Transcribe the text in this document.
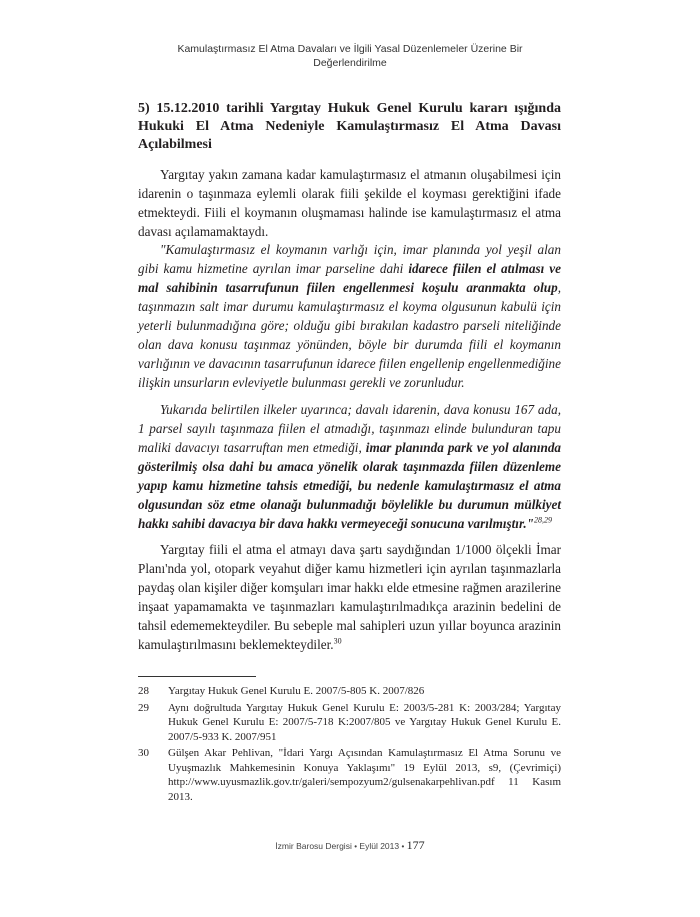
Kamulaştırmasız El Atma Davaları ve İlgili Yasal Düzenlemeler Üzerine Bir Değerlendirilme
5) 15.12.2010 tarihli Yargıtay Hukuk Genel Kurulu kararı ışığında Hukuki El Atma Nedeniyle Kamulaştırmasız El Atma Davası Açılabilmesi

Yargıtay yakın zamana kadar kamulaştırmasız el atmanın oluşabilmesi için idarenin o taşınmaza eylemli olarak fiili şekilde el koyması gerektiğini ifade etmekteydi. Fiili el koymanın oluşmaması halinde ise kamulaştırmasız el atma davası açılamamaktaydı.

"Kamulaştırmasız el koymanın varlığı için, imar planında yol yeşil alan gibi kamu hizmetine ayrılan imar parseline dahi idarece fiilen el atılması ve mal sahibinin tasarrufunun fiilen engellenmesi koşulu aranmakta olup, taşınmazın salt imar durumu kamulaştırmasız el koyma olgusunun kabulü için yeterli bulunmadığına göre; olduğu gibi bırakılan kadastro parseli niteliğinde olan dava konusu taşınmaz yönünden, böyle bir durumda fiili el koymanın varlığının ve davacının tasarrufunun idarece fiilen engellenip engellenmediğine ilişkin unsurların evleviyetle bulunması gerekli ve zorunludur.

Yukarıda belirtilen ilkeler uyarınca; davalı idarenin, dava konusu 167 ada, 1 parsel sayılı taşınmaza fiilen el atmadığı, taşınmazı elinde bulunduran tapu maliki davacıyı tasarruftan men etmediği, imar planında park ve yol alanında gösterilmiş olsa dahi bu amaca yönelik olarak taşınmazda fiilen düzenleme yapıp kamu hizmetine tahsis etmediği, bu nedenle kamulaştırmasız el atma olgusundan söz etme olanağı bulunmadığı böylelikle bu durumun mülkiyet hakkı sahibi davacıya bir dava hakkı vermeyeceği sonucuna varılmıştır."$^{28,29}$

Yargıtay fiili el atma el atmayı dava şartı saydığından 1/1000 ölçekli İmar Planı'nda yol, otopark veyahut diğer kamu hizmetleri için ayrılan taşınmazlarla paydaş olan kişiler diğer komşuları imar hakkı elde etmesine rağmen arazilerine inşaat yapamamakta ve taşınmazları kamulaştırılmadıkça arazinin bedelini de tahsil edememekteydiler. Bu sebeple mal sahipleri uzun yıllar boyunca arazinin kamulaştırılmasını beklemekteydiler.$^{30}$

28	Yargıtay Hukuk Genel Kurulu E. 2007/5-805 K. 2007/826
29	Aynı doğrultuda Yargıtay Hukuk Genel Kurulu E: 2003/5-281 K: 2003/284; Yargıtay Hukuk Genel Kurulu E: 2007/5-718 K:2007/805 ve Yargıtay Hukuk Genel Kurulu E. 2007/5-933 K. 2007/951
30	Gülşen Akar Pehlivan, "İdari Yargı Açısından Kamulaştırmasız El Atma Sorunu ve Uyuşmazlık Mahkemesinin Konuya Yaklaşımı" 19 Eylül 2013, s9, (Çevrimiçi) http://www.uyusmazlik.gov.tr/galeri/sempozyum2/gulsenakarpehlivan.pdf 11 Kasım 2013.
İzmir Barosu Dergisi • Eylül 2013 • 177
